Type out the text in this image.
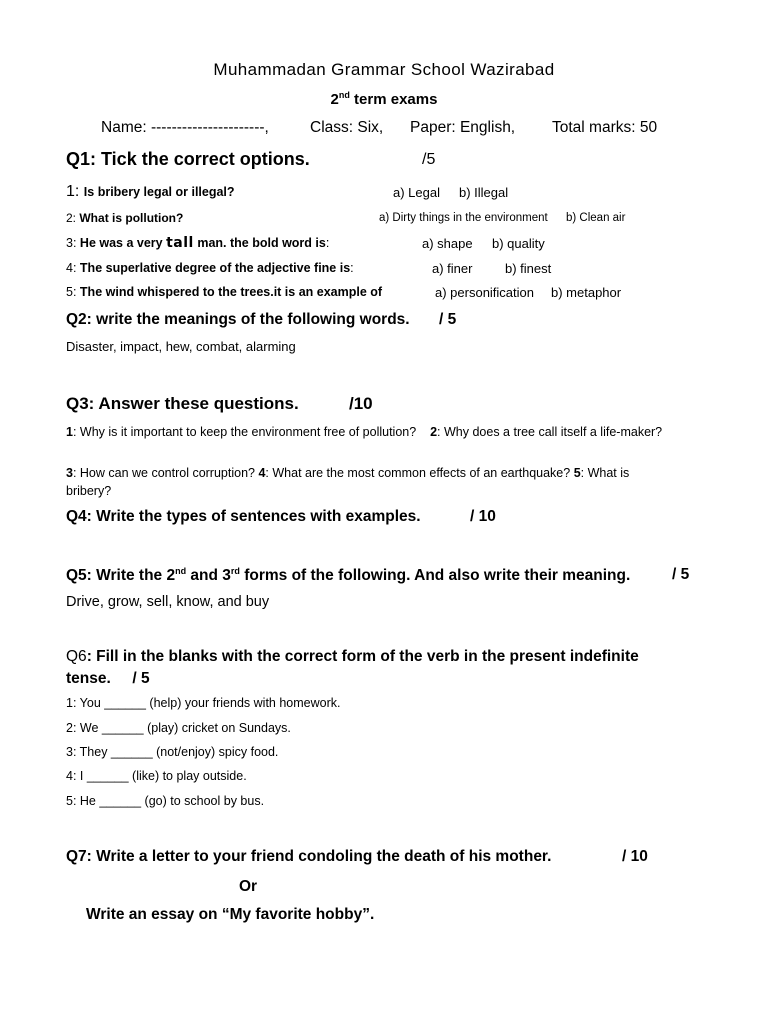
Muhammadan Grammar School Wazirabad
2nd term exams
Name: ----------------------,	Class: Six, Paper: English, Total marks: 50
Q1: Tick the correct options.	/5
1: Is bribery legal or illegal?	a) Legal b) Illegal
2: What is pollution?	a) Dirty things in the environment b) Clean air
3: He was a very tall man. the bold word is:	a) shape b) quality
4: The superlative degree of the adjective fine is:	a) finer	b) finest
5: The wind whispered to the trees.it is an example of	a) personification b) metaphor
Q2: write the meanings of the following words. / 5
Disaster, impact, hew, combat, alarming
Q3: Answer these questions.	/10
1: Why is it important to keep the environment free of pollution? 2: Why does a tree call itself a life-maker?
3: How can we control corruption? 4: What are the most common effects of an earthquake? 5: What is bribery?
Q4: Write the types of sentences with examples.	/ 10
Q5: Write the 2nd and 3rd forms of the following. And also write their meaning.	/ 5
Drive, grow, sell, know, and buy
Q6: Fill in the blanks with the correct form of the verb in the present indefinite tense. / 5
1: You ______ (help) your friends with homework.
2: We ______ (play) cricket on Sundays.
3: They ______ (not/enjoy) spicy food.
4: I ______ (like) to play outside.
5: He ______ (go) to school by bus.
Q7: Write a letter to your friend condoling the death of his mother.	/ 10
Or
Write an essay on “My favorite hobby”.
